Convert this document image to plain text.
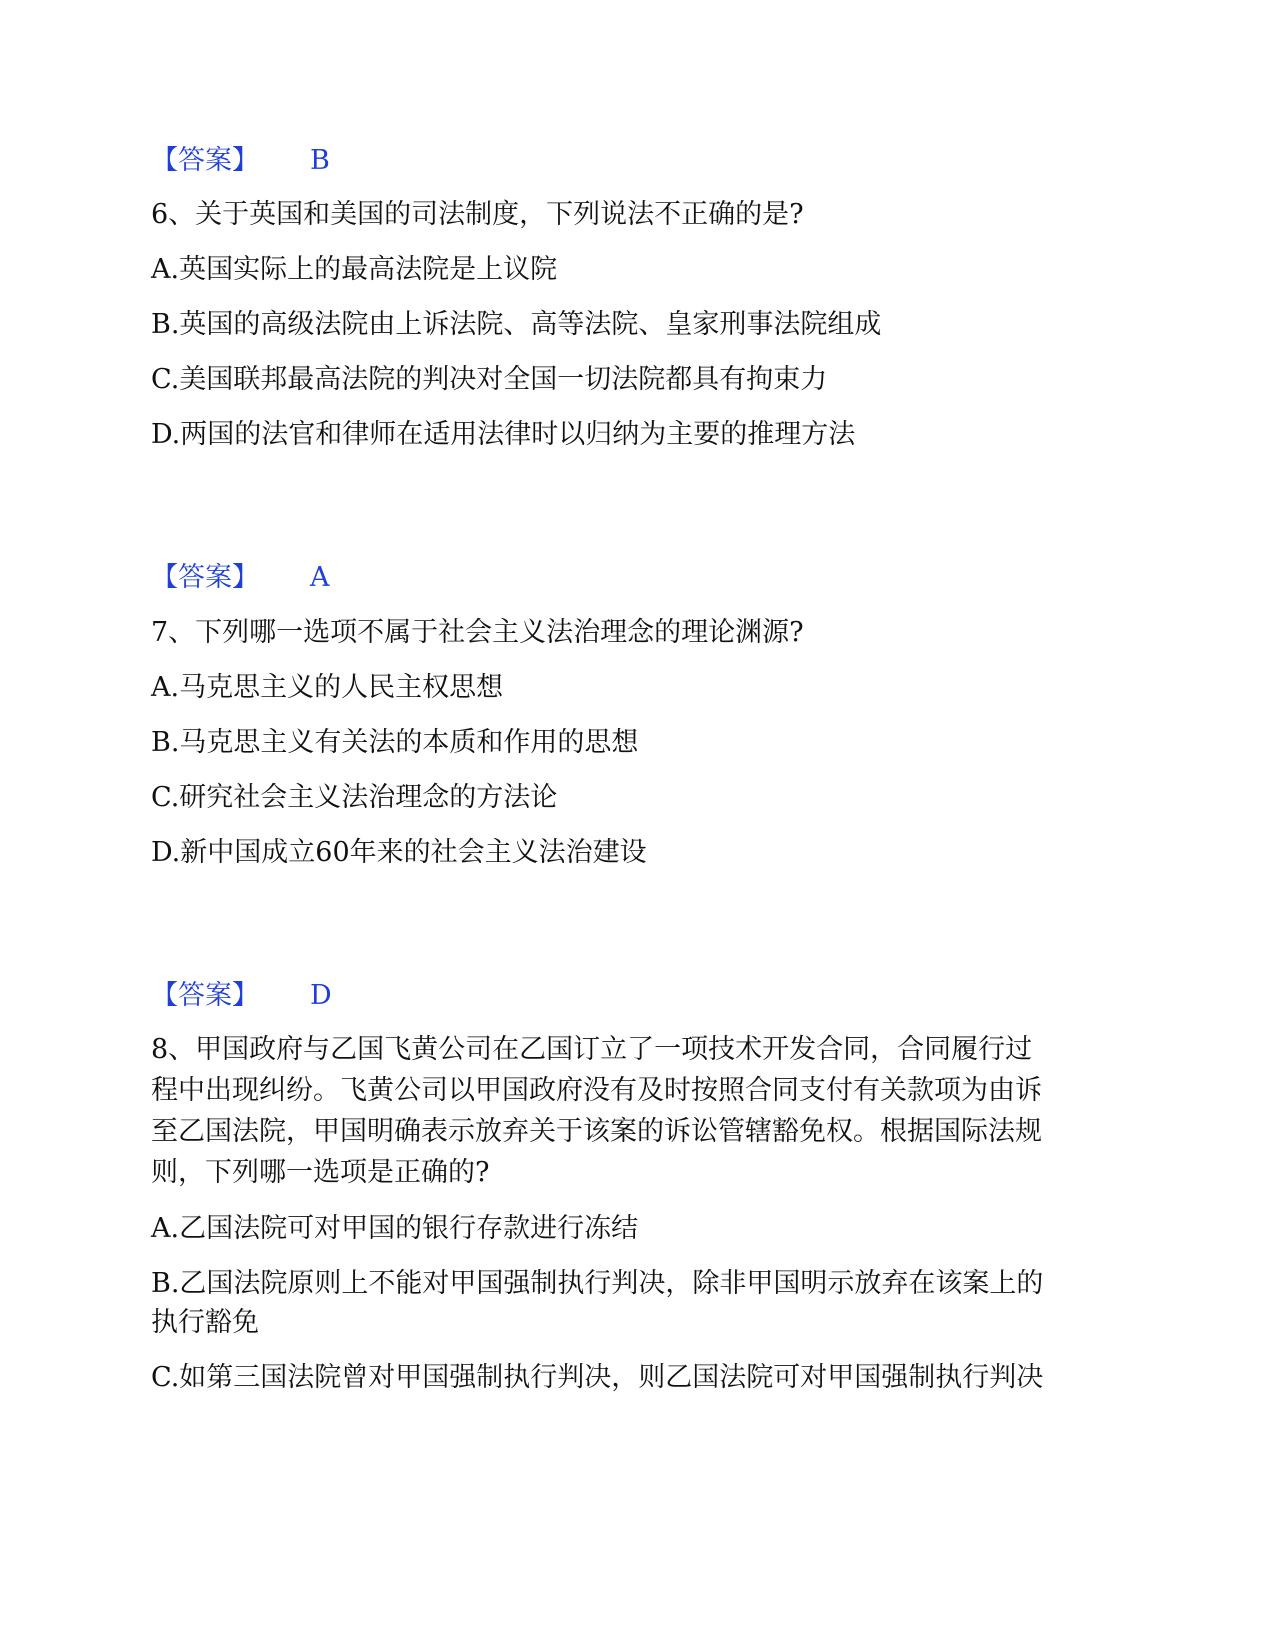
【答案】 B

6、关于英国和美国的司法制度，下列说法不正确的是?

A.英国实际上的最高法院是上议院

B.英国的高级法院由上诉法院、高等法院、皇家刑事法院组成

C.美国联邦最高法院的判决对全国一切法院都具有拘束力

D.两国的法官和律师在适用法律时以归纳为主要的推理方法

【答案】 A

7、下列哪一选项不属于社会主义法治理念的理论渊源?

A.马克思主义的人民主权思想

B.马克思主义有关法的本质和作用的思想

C.研究社会主义法治理念的方法论

D.新中国成立60年来的社会主义法治建设

【答案】 D

8、甲国政府与乙国飞黄公司在乙国订立了一项技术开发合同，合同履行过

程中出现纠纷。飞黄公司以甲国政府没有及时按照合同支付有关款项为由诉

至乙国法院，甲国明确表示放弃关于该案的诉讼管辖豁免权。根据国际法规

则，下列哪一选项是正确的?

A.乙国法院可对甲国的银行存款进行冻结

B.乙国法院原则上不能对甲国强制执行判决，除非甲国明示放弃在该案上的

执行豁免

C.如第三国法院曾对甲国强制执行判决，则乙国法院可对甲国强制执行判决
